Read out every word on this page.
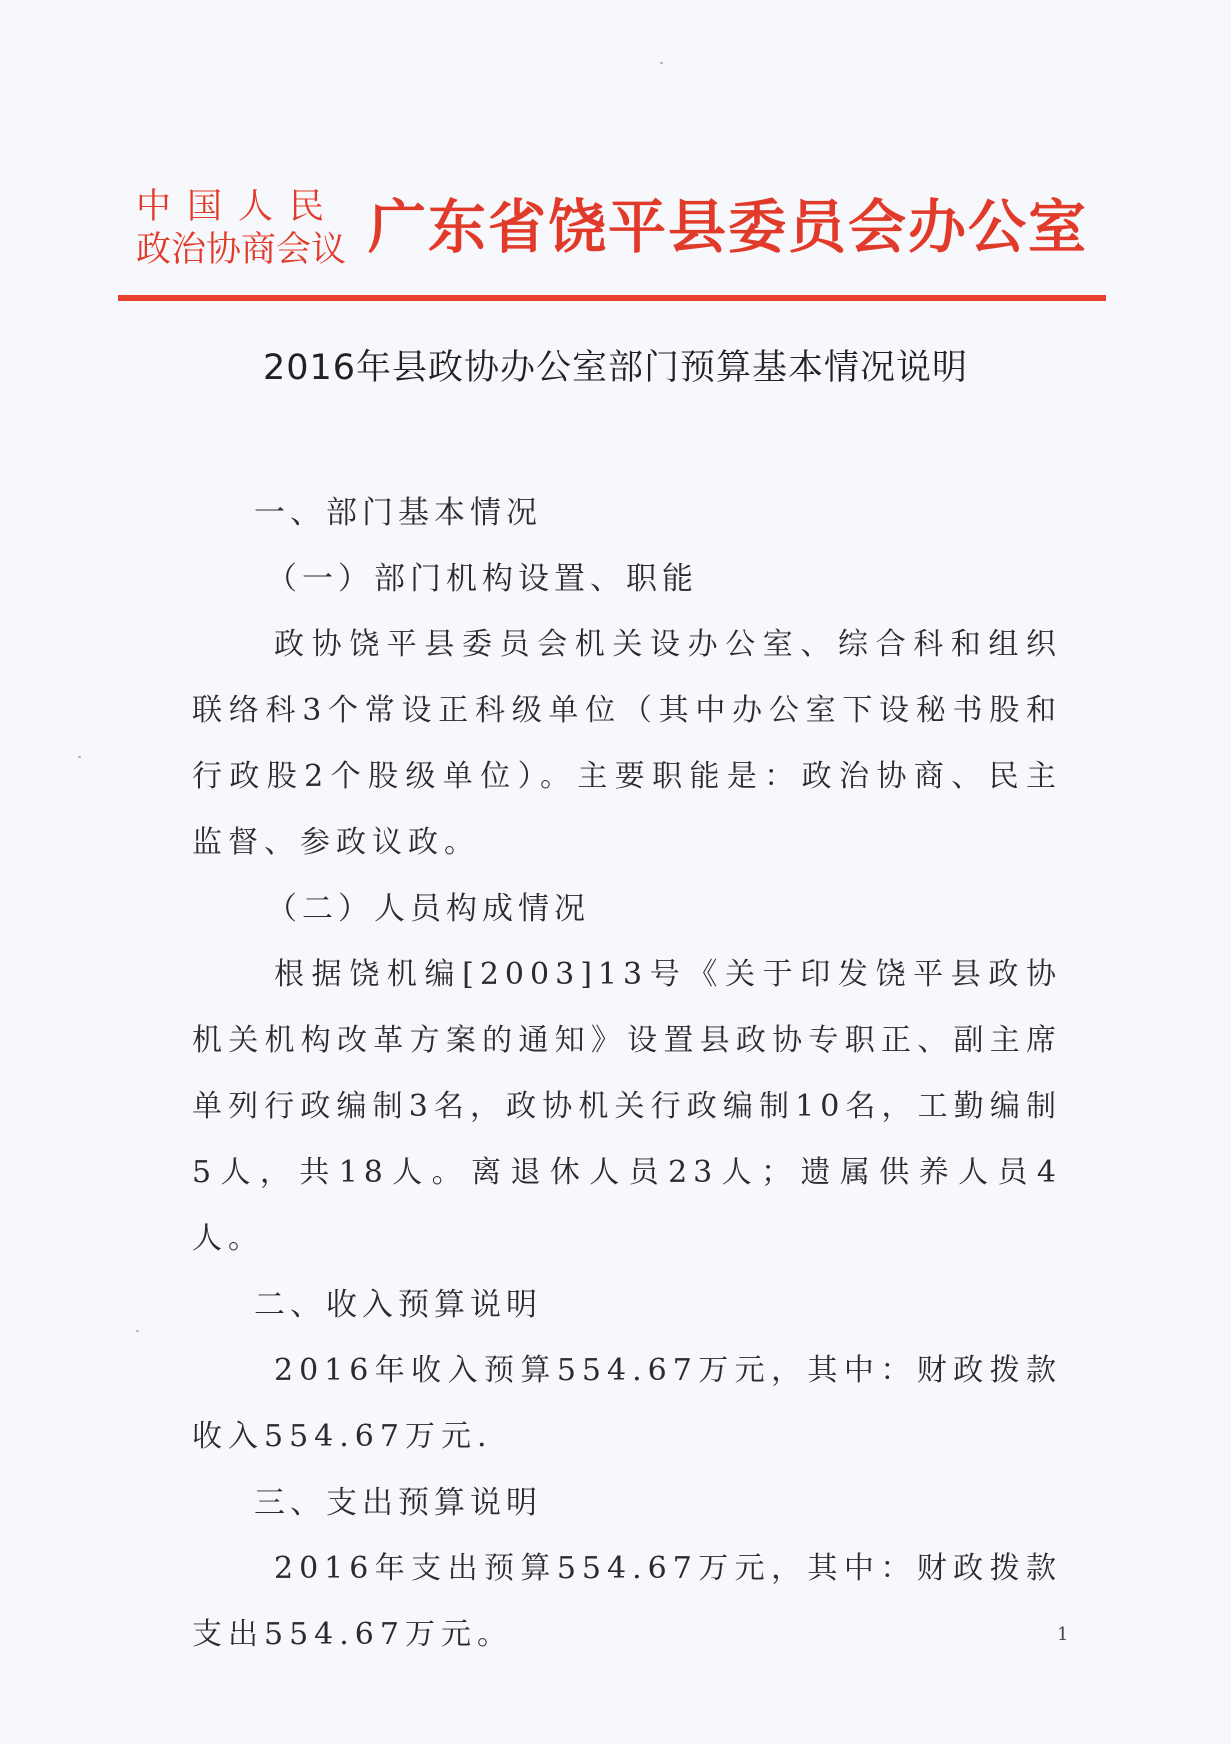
中国人民
政治协商会议 广东省饶平县委员会办公室
2016年县政协办公室部门预算基本情况说明

一、部门基本情况

（一）部门机构设置、职能

政协饶平县委员会机关设办公室、综合科和组织联络科3个常设正科级单位（其中办公室下设秘书股和行政股2个股级单位）。主要职能是：政治协商、民主监督、参政议政。

（二）人员构成情况

根据饶机编[2003]13号《关于印发饶平县政协机关机构改革方案的通知》设置县政协专职正、副主席单列行政编制3名，政协机关行政编制10名，工勤编制5人，共18人。离退休人员23人；遗属供养人员4人。

二、收入预算说明

2016年收入预算554.67万元，其中：财政拨款收入554.67万元.

三、支出预算说明

2016年支出预算554.67万元，其中：财政拨款支出554.67万元。	1
